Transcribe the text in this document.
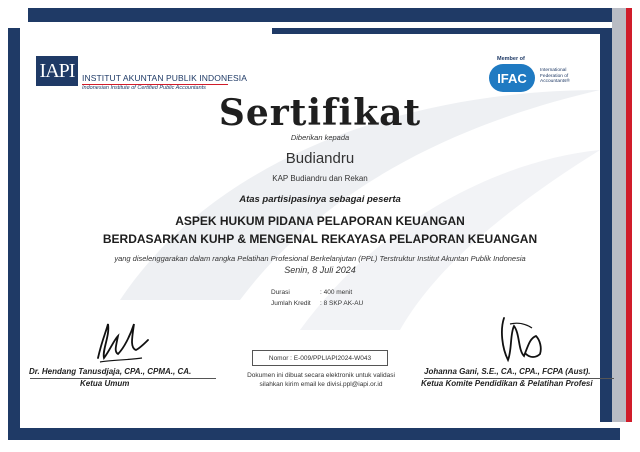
IAPI INSTITUT AKUNTAN PUBLIK INDONESIA
Indonesian Institute of Certified Public Accountants
Member of
IFAC	International Federation of Accountants®
Sertifikat
Diberikan kepada
Budiandru
KAP Budiandru dan Rekan
Atas partisipasinya sebagai peserta
ASPEK HUKUM PIDANA PELAPORAN KEUANGAN
BERDASARKAN KUHP & MENGENAL REKAYASA PELAPORAN KEUANGAN
yang diselenggarakan dalam rangka Pelatihan Profesional Berkelanjutan (PPL) Terstruktur Institut Akuntan Publik Indonesia
Senin, 8 Juli 2024
Durasi	: 400 menit
Jumlah Kredit : 8 SKP AK-AU
Dr. Hendang Tanusdjaja, CPA., CPMA., CA.
Ketua Umum
Johanna Gani, S.E., CA., CPA., FCPA (Aust).
Ketua Komite Pendidikan & Pelatihan Profesi
Nomor : E-009/PPLIAPI2024-W043
Dokumen ini dibuat secara elektronik untuk validasi
silahkan kirim email ke divisi.ppl@iapi.or.id
